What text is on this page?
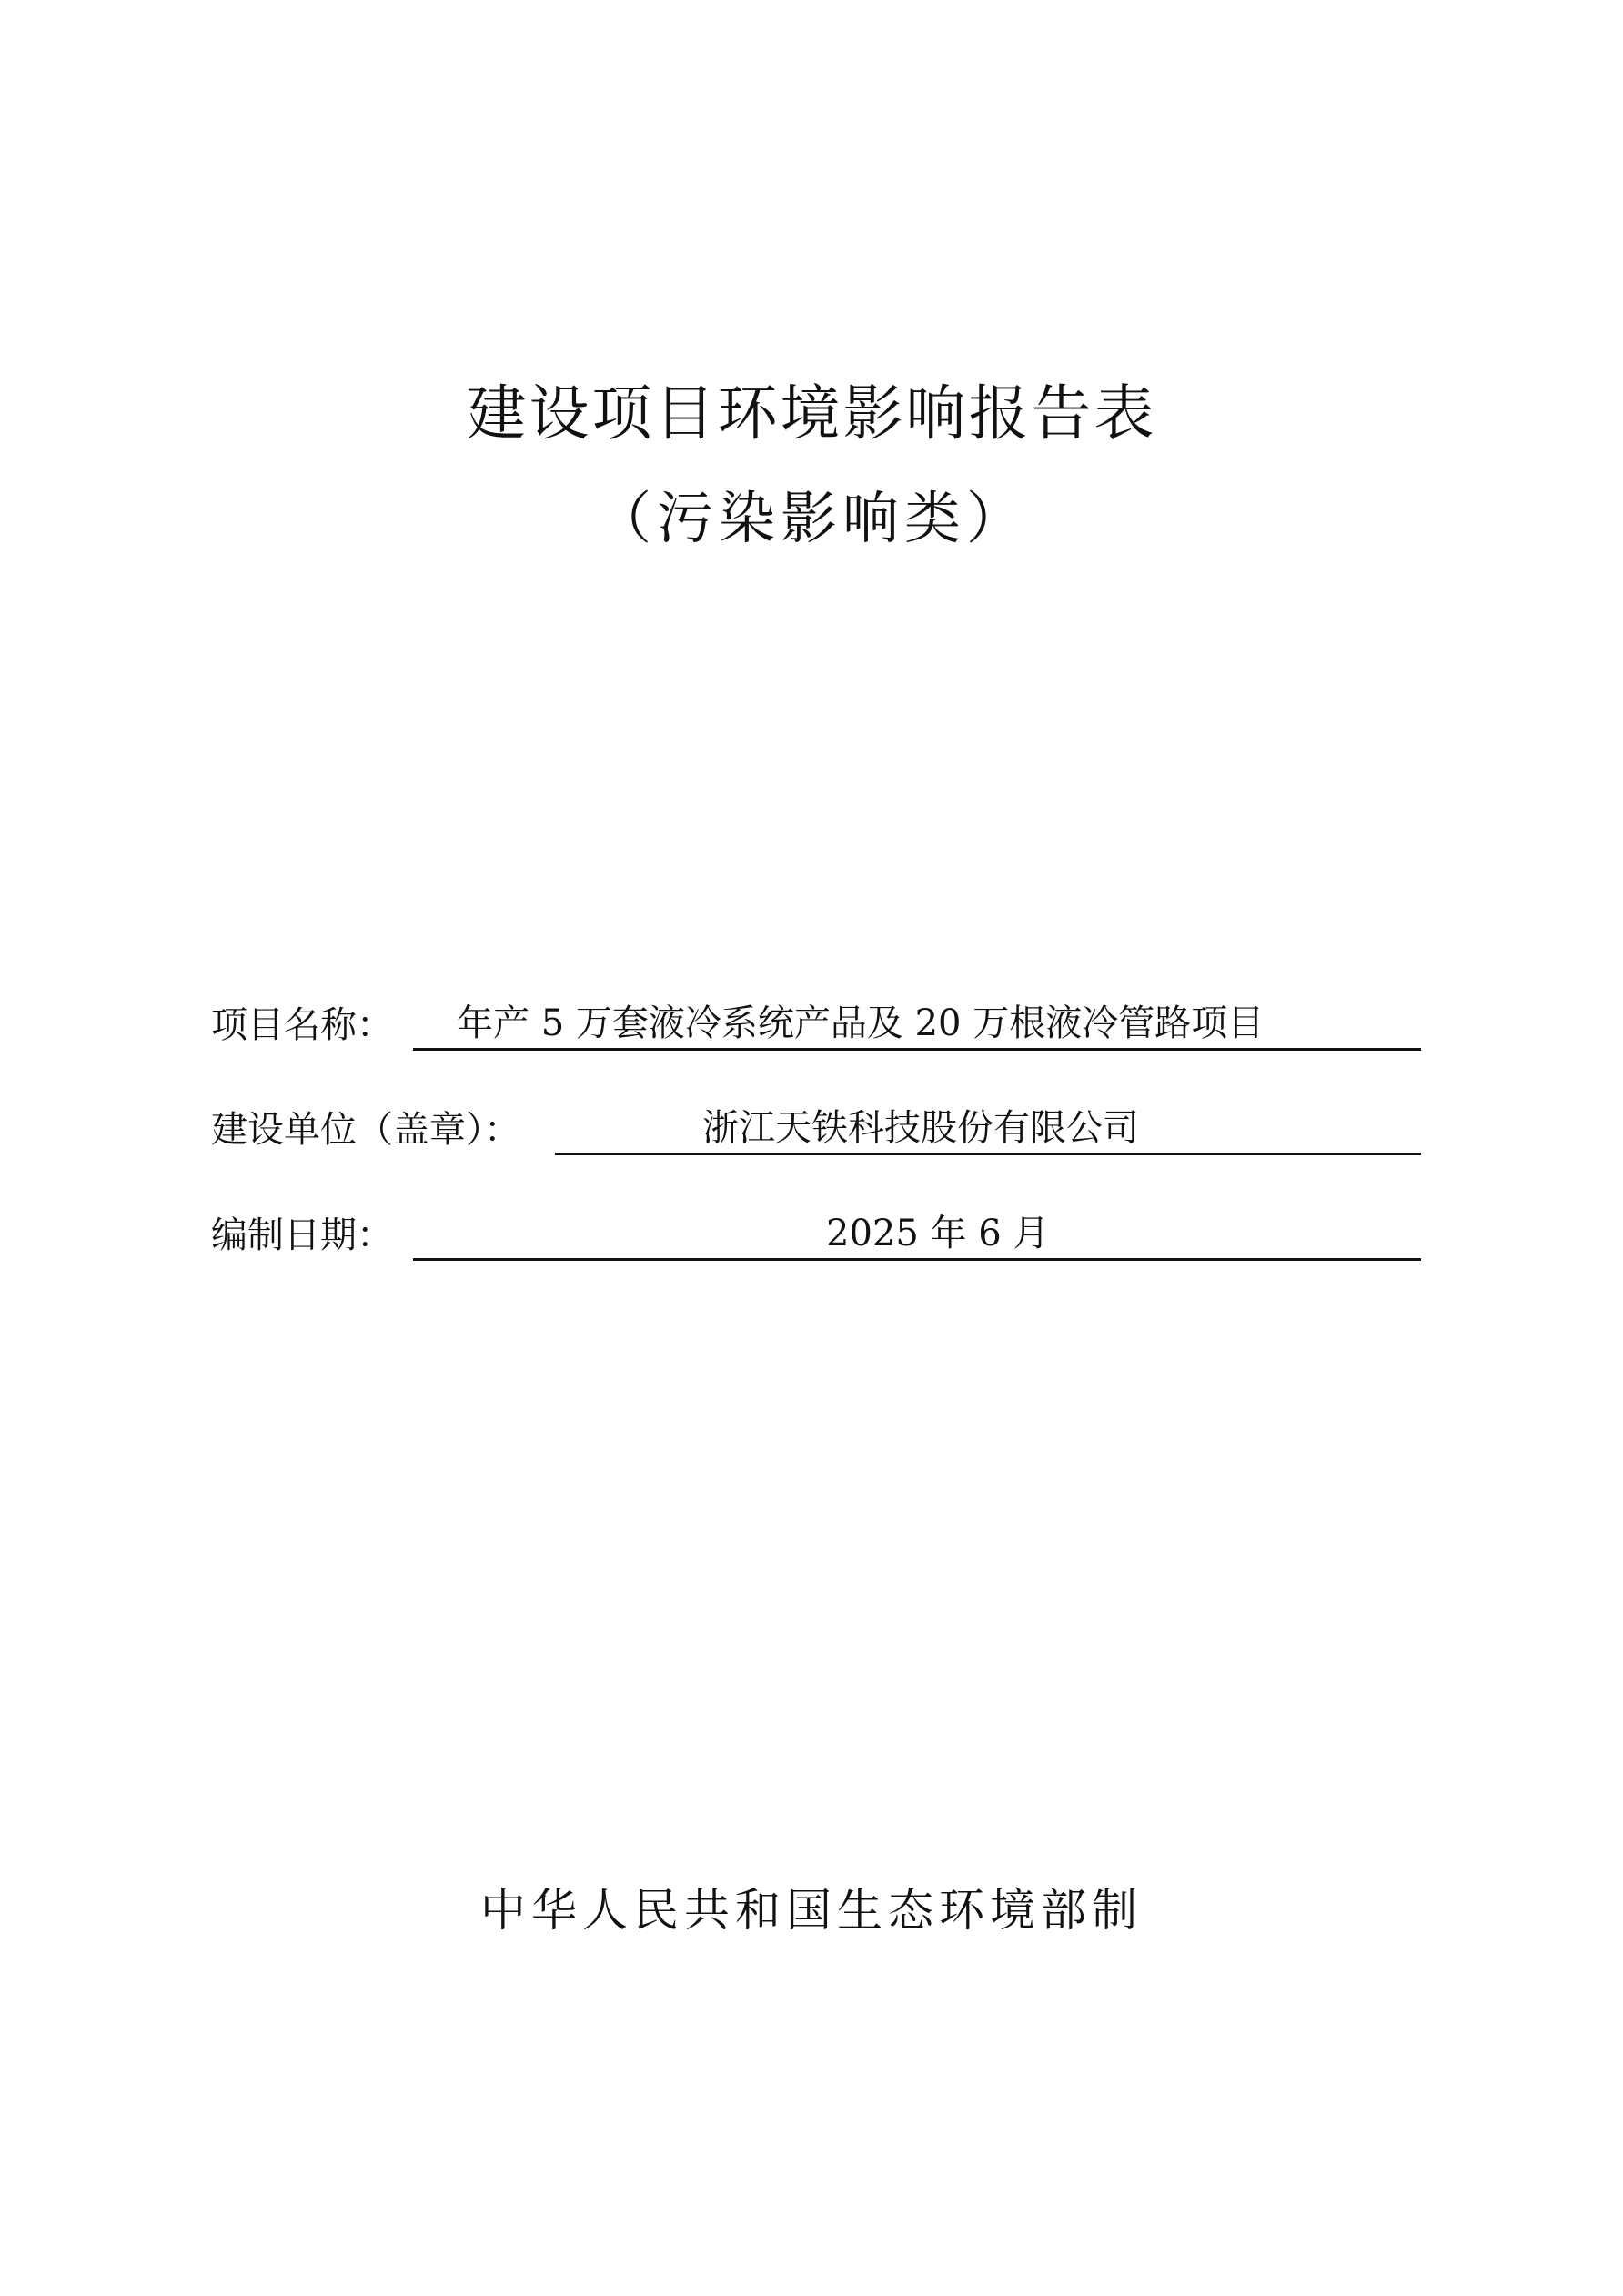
建设项目环境影响报告表
（污染影响类）
项目名称： 年产 5 万套液冷系统产品及 20 万根液冷管路项目
建设单位（盖章）：	浙江天铁科技股份有限公司
编制日期：	2025 年 6 月
中华人民共和国生态环境部制
